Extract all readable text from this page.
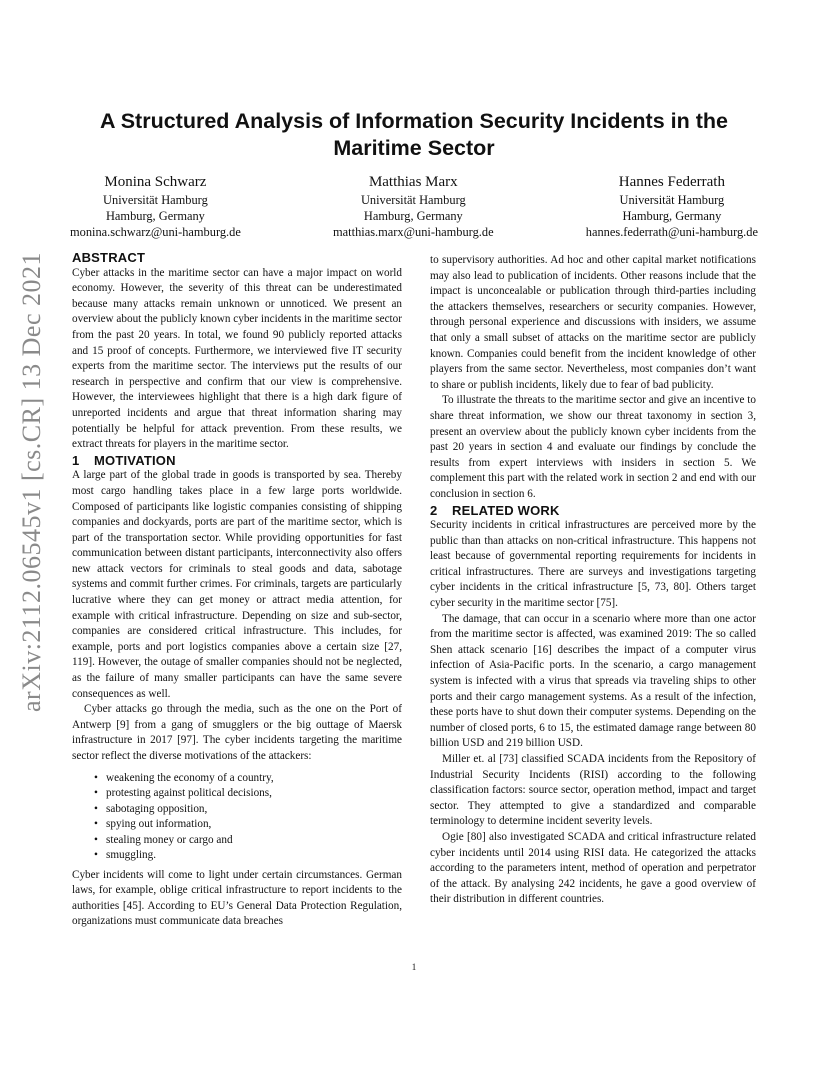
arXiv:2112.06545v1 [cs.CR] 13 Dec 2021
A Structured Analysis of Information Security Incidents in the Maritime Sector
Monina Schwarz
Universität Hamburg
Hamburg, Germany
monina.schwarz@uni-hamburg.de
Matthias Marx
Universität Hamburg
Hamburg, Germany
matthias.marx@uni-hamburg.de
Hannes Federrath
Universität Hamburg
Hamburg, Germany
hannes.federrath@uni-hamburg.de
ABSTRACT

Cyber attacks in the maritime sector can have a major impact on world economy. However, the severity of this threat can be underestimated because many attacks remain unknown or unnoticed. We present an overview about the publicly known cyber incidents in the maritime sector from the past 20 years. In total, we found 90 publicly reported attacks and 15 proof of concepts. Furthermore, we interviewed five IT security experts from the maritime sector. The interviews put the results of our research in perspective and confirm that our view is comprehensive. However, the interviewees highlight that there is a high dark figure of unreported incidents and argue that threat information sharing may potentially be helpful for attack prevention. From these results, we extract threats for players in the maritime sector.

1 MOTIVATION

A large part of the global trade in goods is transported by sea. Thereby most cargo handling takes place in a few large ports worldwide. Composed of participants like logistic companies consisting of shipping companies and dockyards, ports are part of the maritime sector, which is part of the transportation sector. While providing opportunities for fast communication between distant participants, interconnectivity also offers new attack vectors for criminals to steal goods and data, sabotage systems and commit further crimes. For criminals, targets are particularly lucrative where they can get money or attract media attention, for example with critical infrastructure. Depending on size and sub-sector, companies are considered critical infrastructure. This includes, for example, ports and port logistics companies above a certain size [27, 119]. However, the outage of smaller companies should not be neglected, as the failure of many smaller participants can have the same severe consequences as well.

Cyber attacks go through the media, such as the one on the Port of Antwerp [9] from a gang of smugglers or the big outtage of Maersk infrastructure in 2017 [97]. The cyber incidents targeting the maritime sector reflect the diverse motivations of the attackers:

• weakening the economy of a country,
• protesting against political decisions,
• sabotaging opposition,
• spying out information,
• stealing money or cargo and
• smuggling.

Cyber incidents will come to light under certain circumstances. German laws, for example, oblige critical infrastructure to report incidents to the authorities [45]. According to EU’s General Data Protection Regulation, organizations must communicate data breaches

to supervisory authorities. Ad hoc and other capital market notifications may also lead to publication of incidents. Other reasons include that the impact is unconcealable or publication through third-parties including the attackers themselves, researchers or security companies. However, through personal experience and discussions with insiders, we assume that only a small subset of attacks on the maritime sector are publicly known. Companies could benefit from the incident knowledge of other players from the same sector. Nevertheless, most companies don’t want to share or publish incidents, likely due to fear of bad publicity.

To illustrate the threats to the maritime sector and give an incentive to share threat information, we show our threat taxonomy in section 3, present an overview about the publicly known cyber incidents from the past 20 years in section 4 and evaluate our findings by conclude the results from expert interviews with insiders in section 5. We complement this part with the related work in section 2 and end with our conclusion in section 6.

2 RELATED WORK

Security incidents in critical infrastructures are perceived more by the public than than attacks on non-critical infrastructure. This happens not least because of governmental reporting requirements for incidents in critical infrastructures. There are surveys and investigations targeting cyber incidents in the critical infrastructure [5, 73, 80]. Others target cyber security in the maritime sector [75].

The damage, that can occur in a scenario where more than one actor from the maritime sector is affected, was examined 2019: The so called Shen attack scenario [16] describes the impact of a computer virus infection of Asia-Pacific ports. In the scenario, a cargo management system is infected with a virus that spreads via traveling ships to other ports and their cargo management systems. As a result of the infection, these ports have to shut down their computer systems. Depending on the number of closed ports, 6 to 15, the estimated damage range between 80 billion USD and 219 billion USD.

Miller et. al [73] classified SCADA incidents from the Repository of Industrial Security Incidents (RISI) according to the following classification factors: source sector, operation method, impact and target sector. They attempted to give a standardized and comparable terminology to determine incident severity levels.

Ogie [80] also investigated SCADA and critical infrastructure related cyber incidents until 2014 using RISI data. He categorized the attacks according to the parameters intent, method of operation and perpetrator of the attack. By analysing 242 incidents, he gave a good overview of their distribution in different countries.

1
